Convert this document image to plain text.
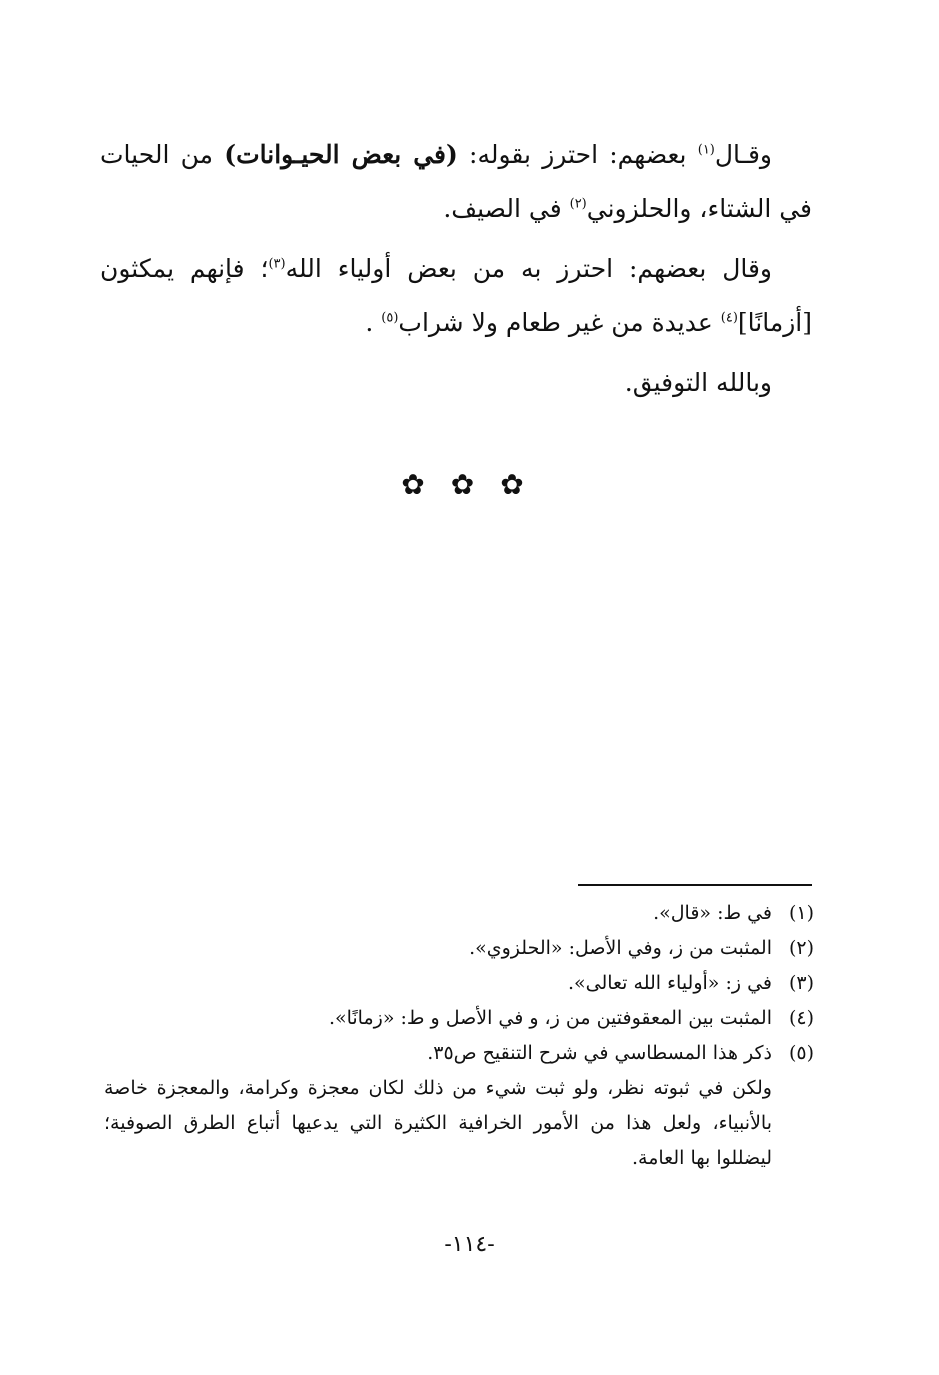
وقـال$^{(١)}$ بعضهم: احترز بقوله: (في بعض الحيـوانات) من الحيات في الشتاء، والحلزوني$^{(٢)}$ في الصيف.

وقال بعضهم: احترز به من بعض أولياء الله$^{(٣)}$؛ فإنهم يمكثون [أزمانًا]$^{(٤)}$ عديدة من غير طعام ولا شراب$^{(٥)}$ .

وبالله التوفيق.

✿ ✿ ✿

(١)في ط: «قال».

(٢)المثبت من ز، وفي الأصل: «الحلزوي».

(٣)في ز: «أولياء الله تعالى».

(٤)المثبت بين المعقوفتين من ز، و في الأصل و ط: «زمانًا».

(٥)ذكر هذا المسطاسي في شرح التنقيح ص٣٥.

ولكن في ثبوته نظر، ولو ثبت شيء من ذلك لكان معجزة وكرامة، والمعجزة خاصة بالأنبياء، ولعل هذا من الأمور الخرافية الكثيرة التي يدعيها أتباع الطرق الصوفية؛ ليضللوا بها العامة.

-١١٤-
